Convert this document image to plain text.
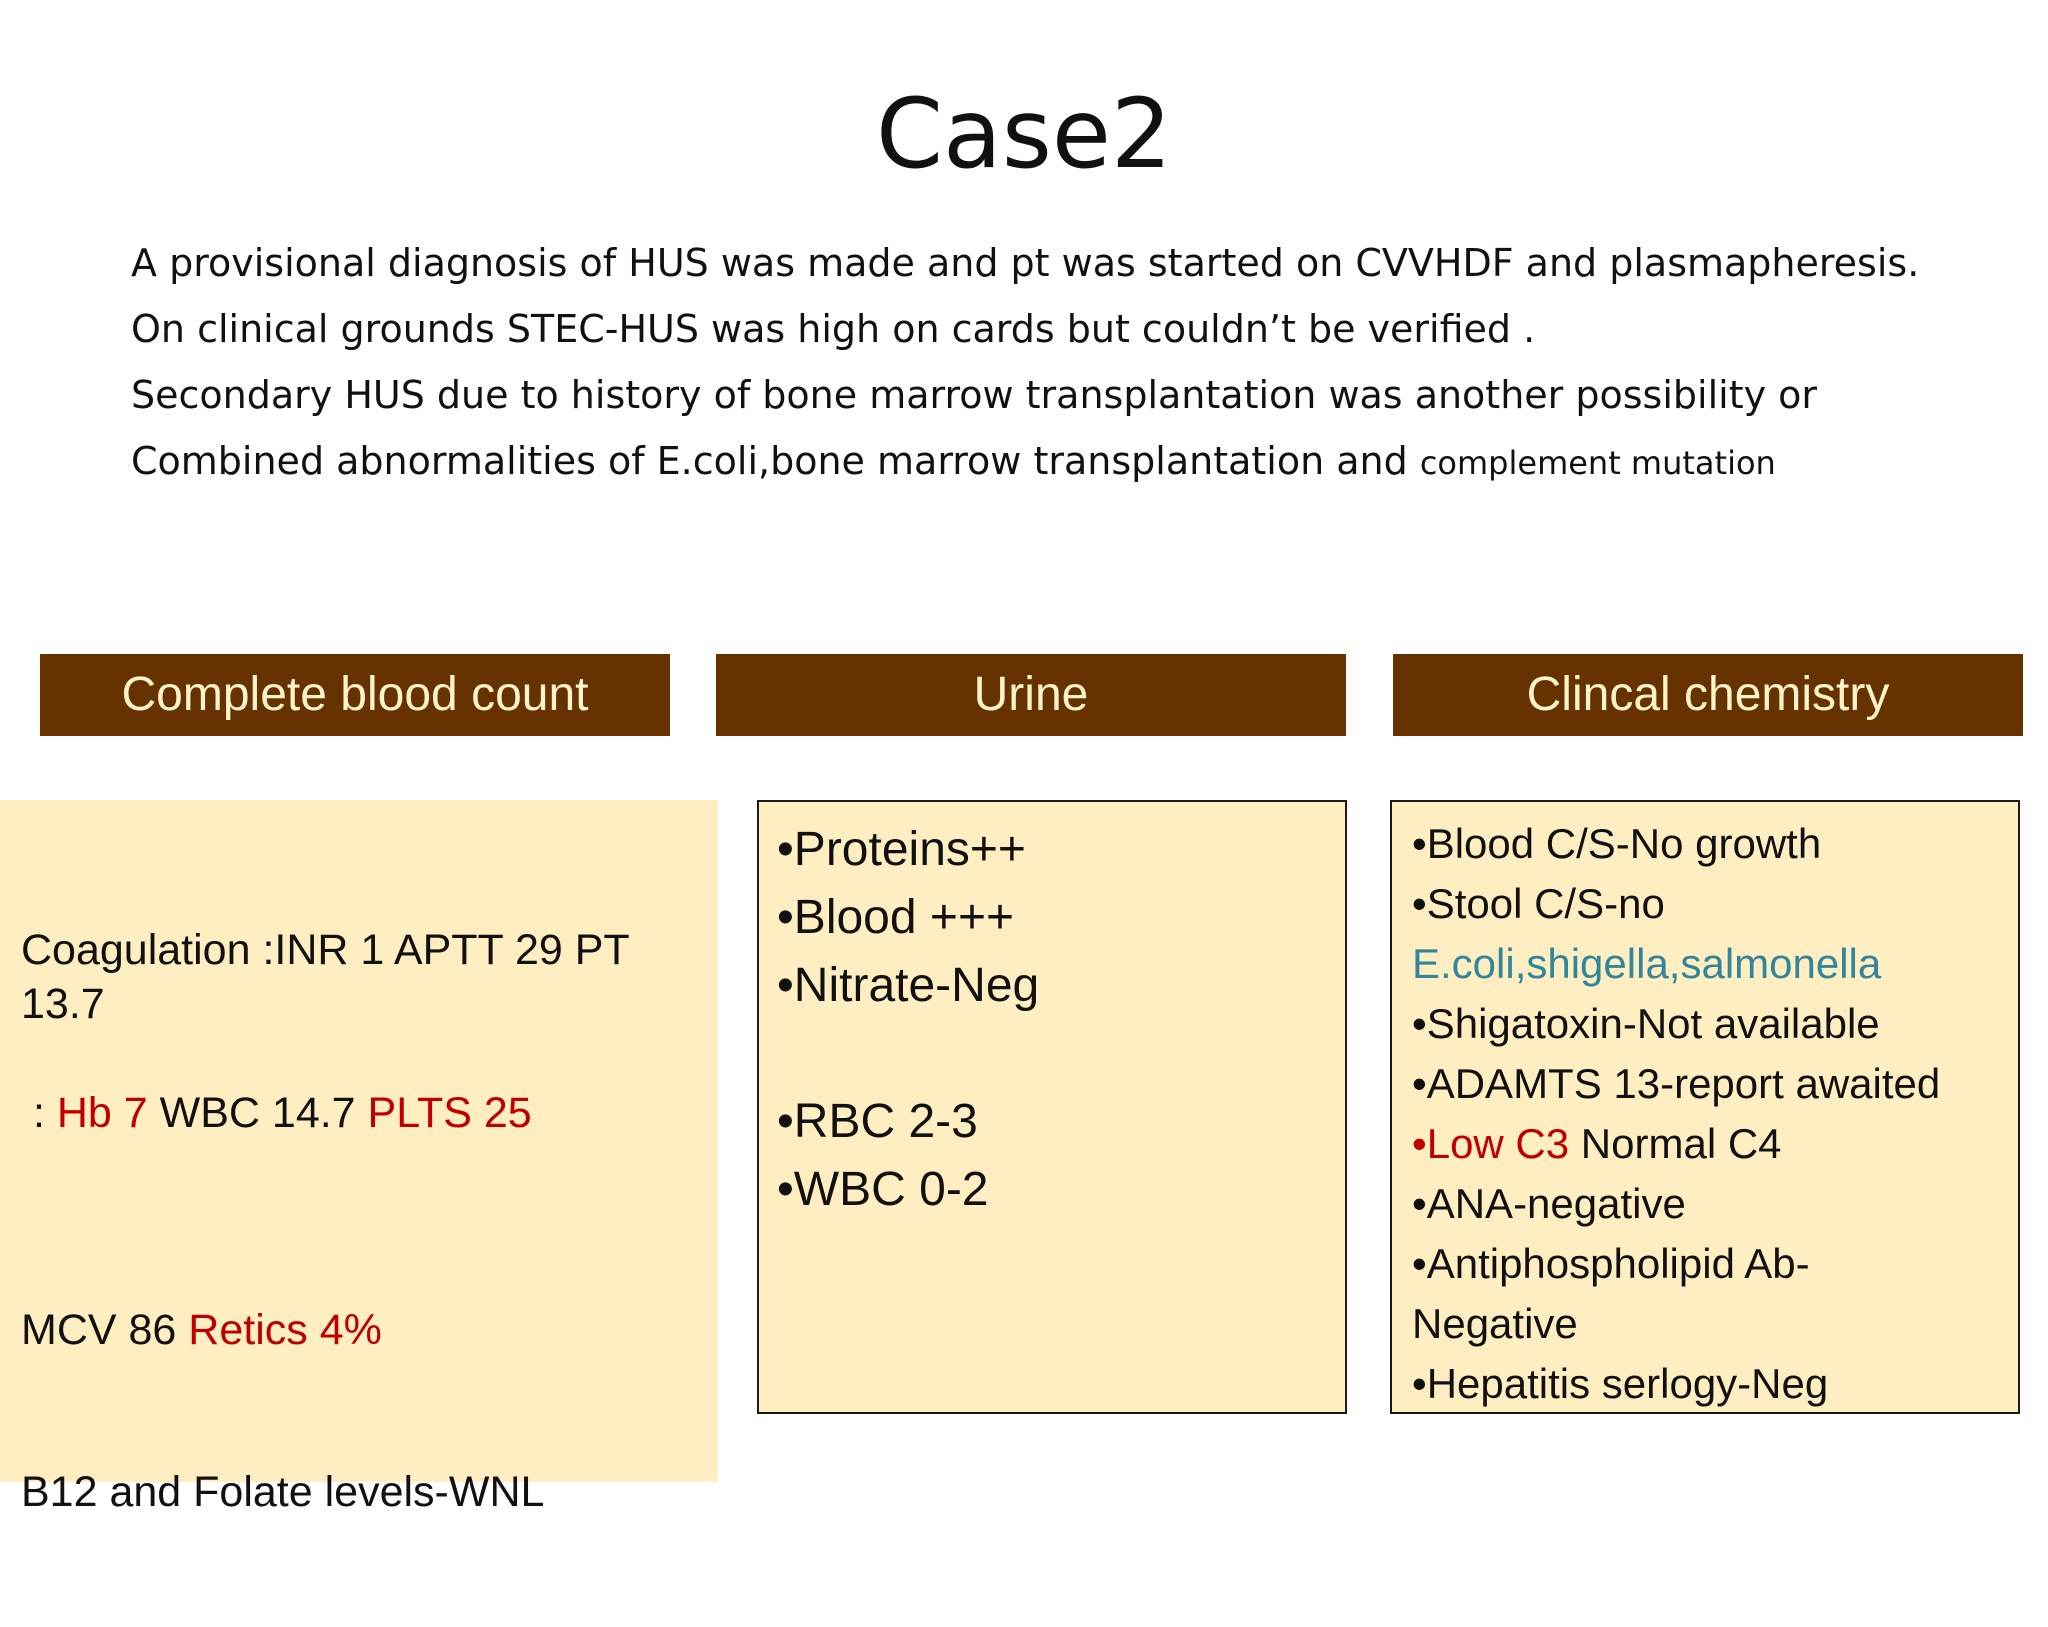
Case2
A provisional diagnosis of HUS was made and pt was started on CVVHDF and plasmapheresis.
On clinical grounds STEC-HUS was high on cards but couldn’t be verified .
Secondary HUS due to history of bone marrow transplantation was another possibility or
Combined abnormalities of E.coli,bone marrow transplantation and complement mutation
Complete blood count	Urine	Clincal chemistry
Coagulation :INR 1 APTT 29 PT
13.7
: Hb 7 WBC 14.7 PLTS 25

MCV 86 Retics 4%

B12 and Folate levels-WNL

•Proteins++
•Blood +++
•Nitrate-Neg

•RBC 2-3
•WBC 0-2
•Blood C/S-No growth
•Stool C/S-no
E.coli,shigella,salmonella
•Shigatoxin-Not available
•ADAMTS 13-report awaited
•Low C3 Normal C4
•ANA-negative
•Antiphospholipid Ab-
Negative
•Hepatitis serlogy-Neg
